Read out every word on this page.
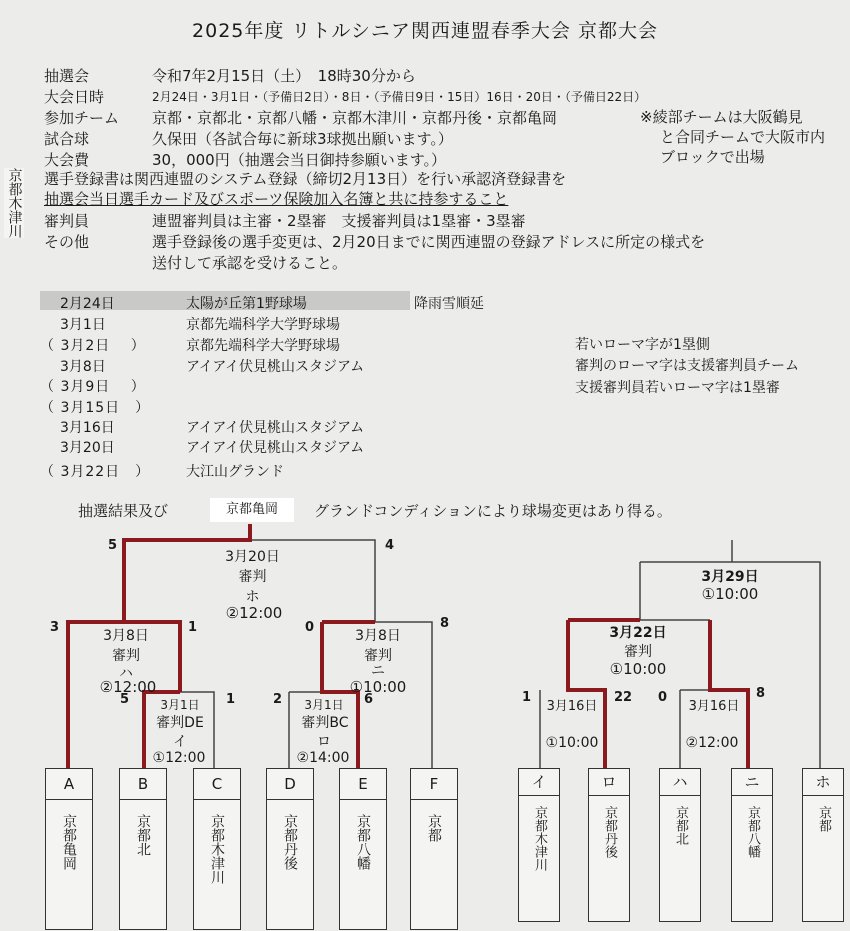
2025年度 リトルシニア関西連盟春季大会 京都大会
抽選会	令和7年2月15日（土）　18時30分から
大会日時	2月24日・3月1日・（予備日2日）・8日・（予備日9日・15日）16日・20日・（予備日22日）
参加チーム 京都・京都北・京都八幡・京都木津川・京都丹後・京都亀岡
試合球	久保田（各試合毎に新球3球拠出願います。）
大会費	30，000円（抽選会当日御持参願います。）
※綾部チームは大阪鶴見
と合同チームで大阪市内
ブロックで出場
選手登録書は関西連盟のシステム登録（締切2月13日）を行い承認済登録書を
抽選会当日選手カード及びスポーツ保険加入名簿と共に持参すること
審判員	連盟審判員は主審・2塁審　支援審判員は1塁審・3塁審
その他	選手登録後の選手変更は、2月20日までに関西連盟の登録アドレスに所定の様式を
送付して承認を受けること。
京都木津川
2月24日	太陽が丘第1野球場	降雨雪順延
3月1日	京都先端科学大学野球場
（ 3月2日　 ）	京都先端科学大学野球場
3月8日	アイアイ伏見桃山スタジアム
（ 3月9日　 ）
（ 3月15日　）
3月16日	アイアイ伏見桃山スタジアム
3月20日	アイアイ伏見桃山スタジアム
（ 3月22日　）	大江山グランド
若いローマ字が1塁側
審判のローマ字は支援審判員チーム
支援審判員若いローマ字は1塁審
抽選結果及び	京都亀岡	グランドコンディションにより球場変更はあり得る。
3月20日
審判
ホ
②12:00
5	4
3月8日
審判
ハ
②12:00
3	1
3月8日
審判
ニ
①10:00
0	8
3月1日
審判DE
イ
①12:00
5	1	3月1日
審判BC
ロ
②14:00
2	6
3月29日
①10:00
3月22日
審判
①10:00
3月16日
①10:00
1	22
3月16日
②12:00
0	8
A
京都亀岡
B
京都北
C
京都木津川
D
京都丹後
E
京都八幡
F
京都
イ
京都木津川
ロ
京都丹後
ハ
京都北
ニ
京都八幡
ホ
京都
